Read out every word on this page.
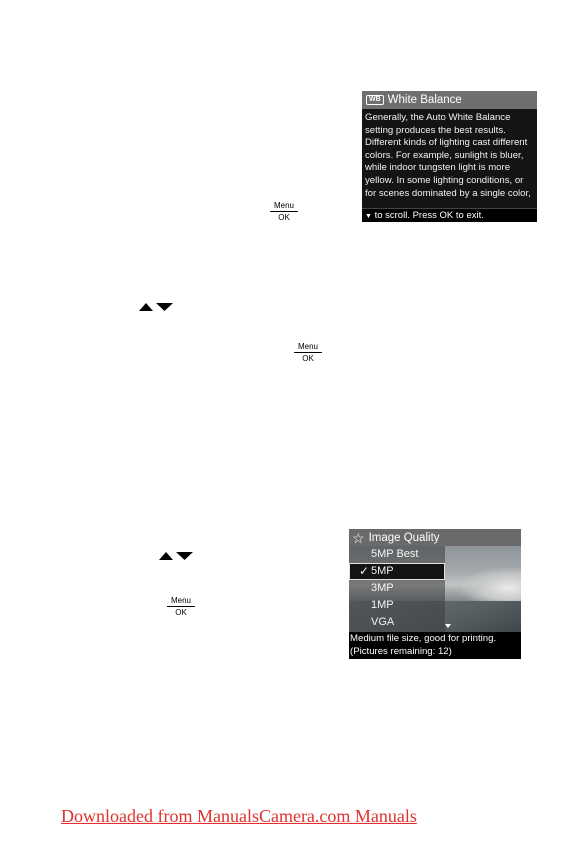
Menu
OK
Menu
OK
Menu
OK
WB White Balance
Generally, the Auto White Balance setting produces the best results. Different kinds of lighting cast different colors. For example, sunlight is bluer, while indoor tungsten light is more yellow. In some lighting conditions, or for scenes dominated by a single color,
▼ to scroll. Press OK to exit.
☆ Image Quality
5MP Best
✓ 5MP
3MP
1MP
VGA
Medium file size, good for printing.
(Pictures remaining: 12)
Downloaded from ManualsCamera.com Manuals
